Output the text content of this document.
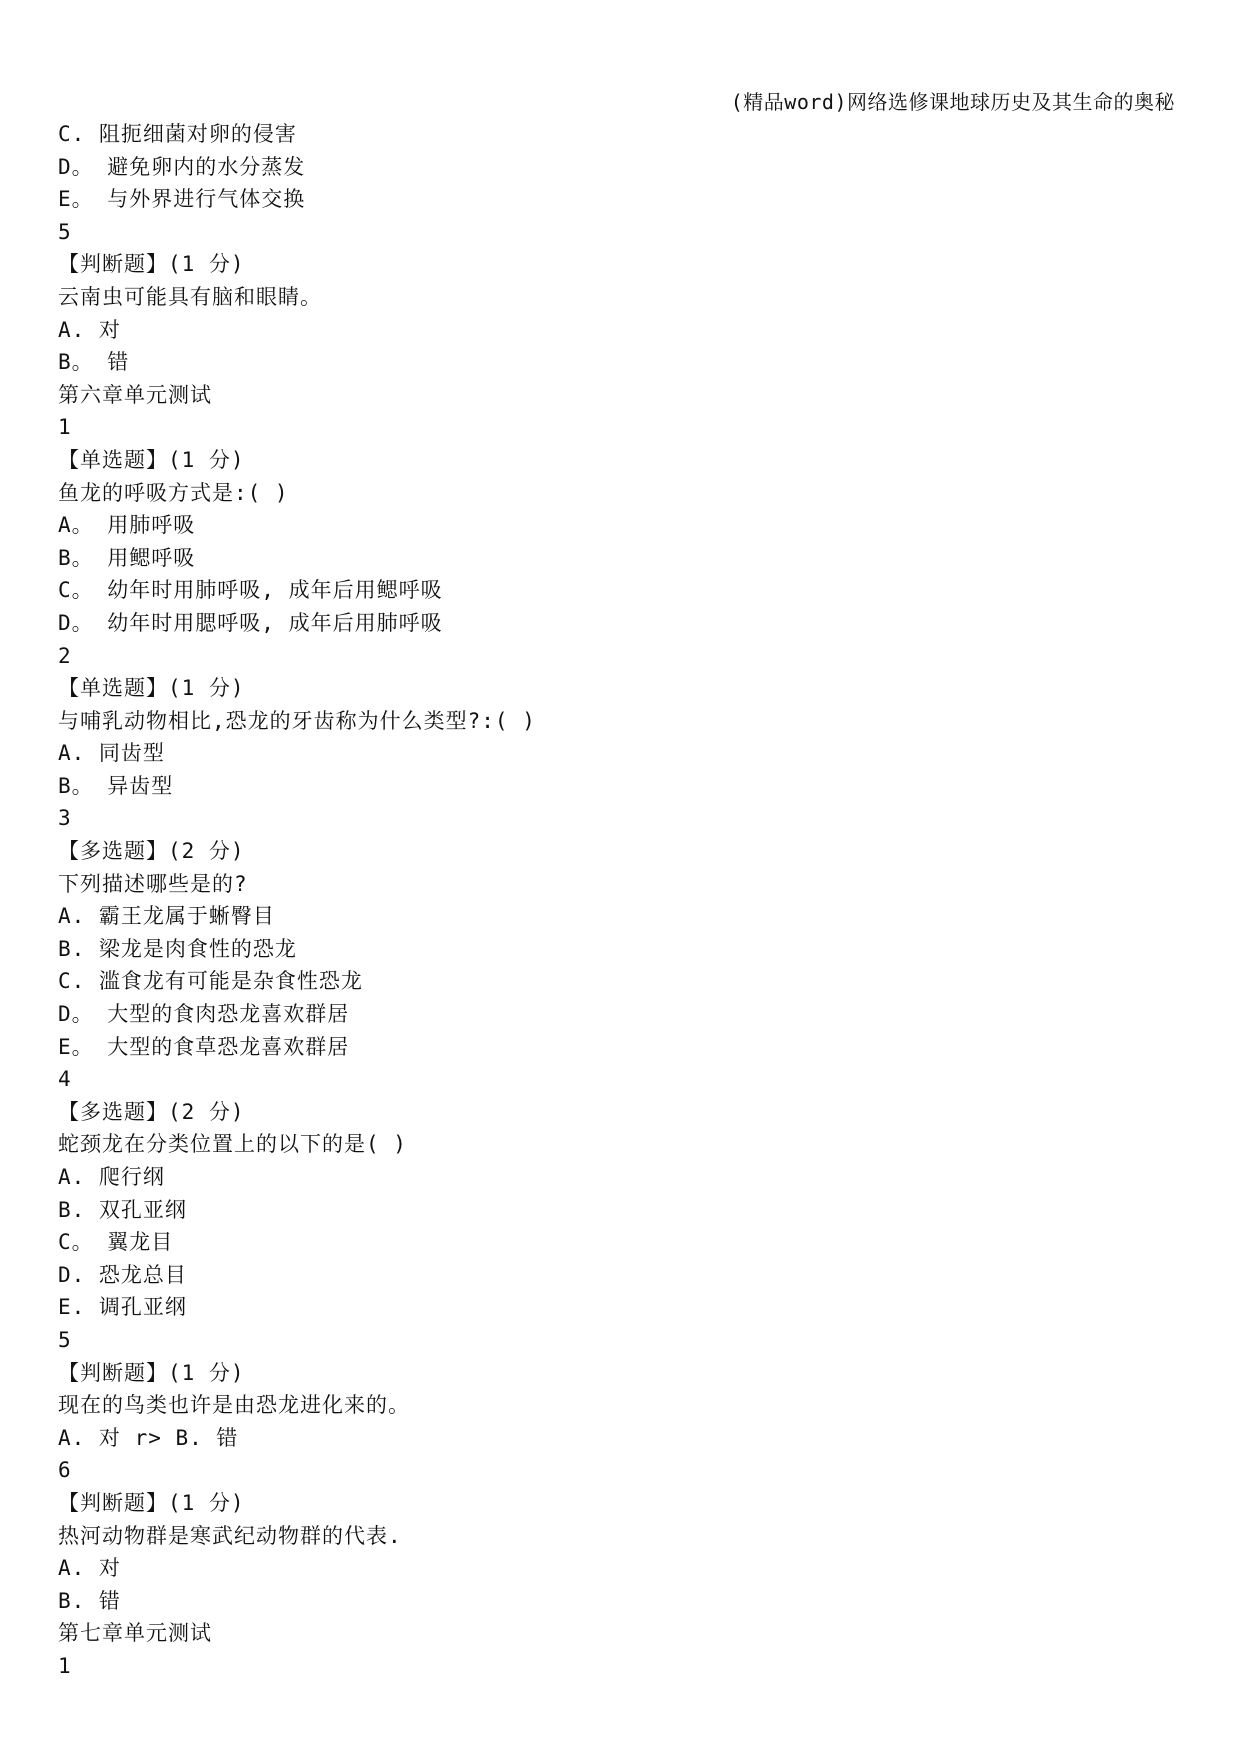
(精品word)网络选修课地球历史及其生命的奥秘
C. 阻扼细菌对卵的侵害
D。 避免卵内的水分蒸发
E。 与外界进行气体交换
5
【判断题】(1 分)
云南虫可能具有脑和眼睛。
A. 对
B。 错
第六章单元测试
1
【单选题】(1 分)
鱼龙的呼吸方式是:( )
A。 用肺呼吸
B。 用鳃呼吸
C。 幼年时用肺呼吸, 成年后用鳃呼吸
D。 幼年时用腮呼吸, 成年后用肺呼吸
2
【单选题】(1 分)
与哺乳动物相比,恐龙的牙齿称为什么类型?:( )
A. 同齿型
B。 异齿型
3
【多选题】(2 分)
下列描述哪些是的?
A. 霸王龙属于蜥臀目
B. 梁龙是肉食性的恐龙
C. 滥食龙有可能是杂食性恐龙
D。 大型的食肉恐龙喜欢群居
E。 大型的食草恐龙喜欢群居
4
【多选题】(2 分)
蛇颈龙在分类位置上的以下的是( )
A. 爬行纲
B. 双孔亚纲
C。 翼龙目
D. 恐龙总目
E. 调孔亚纲
5
【判断题】(1 分)
现在的鸟类也许是由恐龙进化来的。
A. 对 r> B. 错
6
【判断题】(1 分)
热河动物群是寒武纪动物群的代表.
A. 对
B. 错
第七章单元测试
1
